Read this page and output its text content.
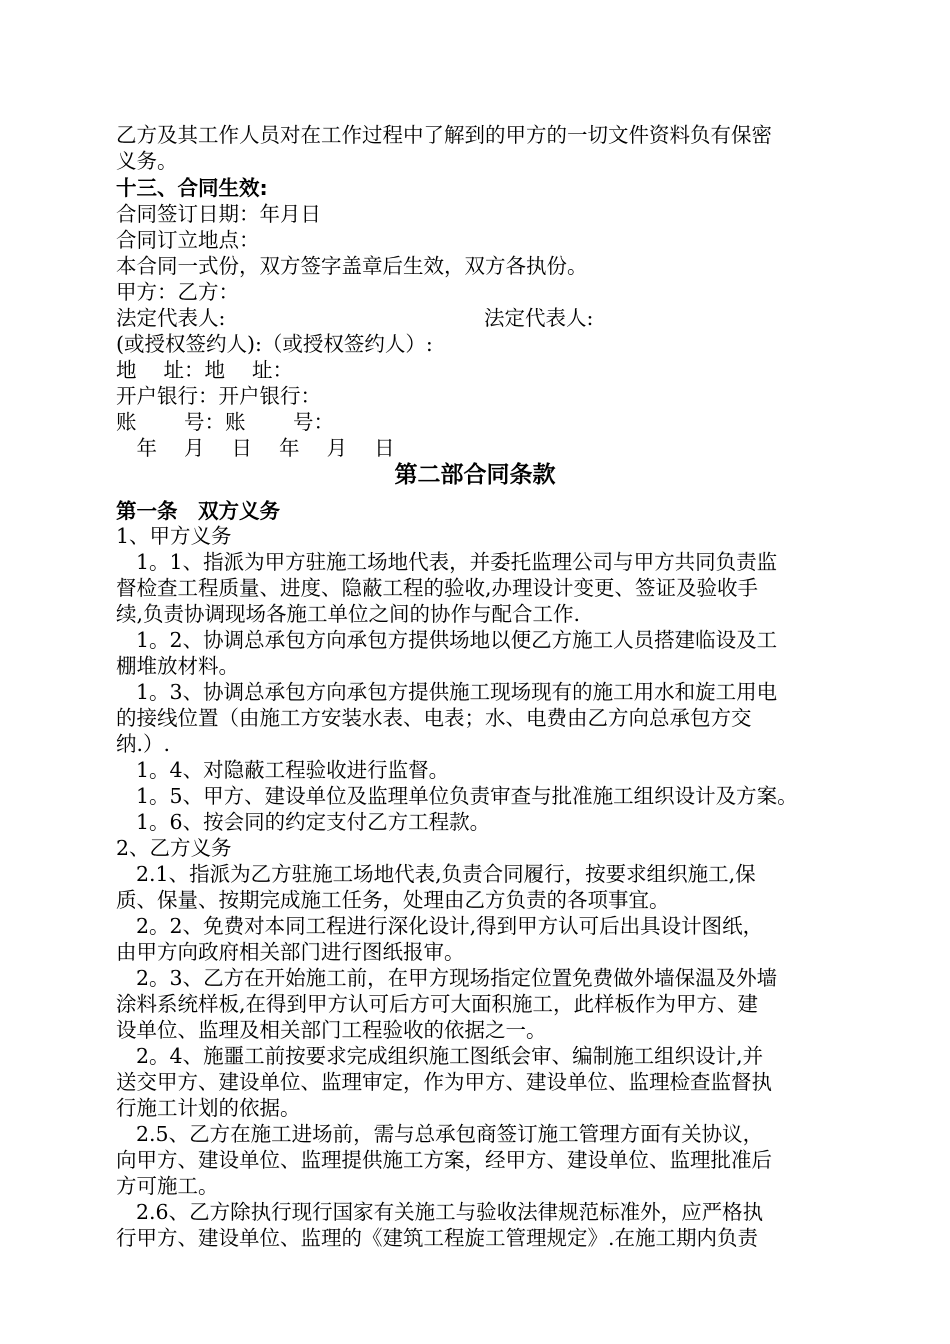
乙方及其工作人员对在工作过程中了解到的甲方的一切文件资料负有保密
义务。
十三、合同生效:
合同签订日期：年月日
合同订立地点：
本合同一式份，双方签字盖章后生效，双方各执份。
甲方：乙方：
法定代表人:	法定代表人:
(或授权签约人):（或授权签约人）:
地　 址：地　 址：
开户银行：开户银行：
账　　 号：账　　 号：
　年　 月　 日　 年　 月　 日
第二部合同条款
第一条　双方义务
1、甲方义务
1。1、指派为甲方驻施工场地代表，并委托监理公司与甲方共同负责监
督检查工程质量、进度、隐蔽工程的验收,办理设计变更、签证及验收手
续,负责协调现场各施工单位之间的协作与配合工作.
1。2、协调总承包方向承包方提供场地以便乙方施工人员搭建临设及工
棚堆放材料。
1。3、协调总承包方向承包方提供施工现场现有的施工用水和旋工用电
的接线位置（由施工方安装水表、电表；水、电费由乙方向总承包方交
纳.）.
1。4、对隐蔽工程验收进行监督。
1。5、甲方、建设单位及监理单位负责审查与批准施工组织设计及方案。
1。6、按会同的约定支付乙方工程款。
2、乙方义务
2.1、指派为乙方驻施工场地代表,负责合同履行，按要求组织施工,保
质、保量、按期完成施工任务，处理由乙方负责的各项事宜。
2。2、免费对本同工程进行深化设计,得到甲方认可后出具设计图纸，
由甲方向政府相关部门进行图纸报审。
2。3、乙方在开始施工前，在甲方现场指定位置免费做外墙保温及外墙
涂料系统样板,在得到甲方认可后方可大面积施工，此样板作为甲方、建
设单位、监理及相关部门工程验收的依据之一。
2。4、施噩工前按要求完成组织施工图纸会审、编制施工组织设计,并
送交甲方、建设单位、监理审定，作为甲方、建设单位、监理检查监督执
行施工计划的依据。
2.5、乙方在施工进场前，需与总承包商签订施工管理方面有关协议，
向甲方、建设单位、监理提供施工方案，经甲方、建设单位、监理批准后
方可施工。
2.6、乙方除执行现行国家有关施工与验收法律规范标准外，应严格执
行甲方、建设单位、监理的《建筑工程旋工管理规定》.在施工期内负责
